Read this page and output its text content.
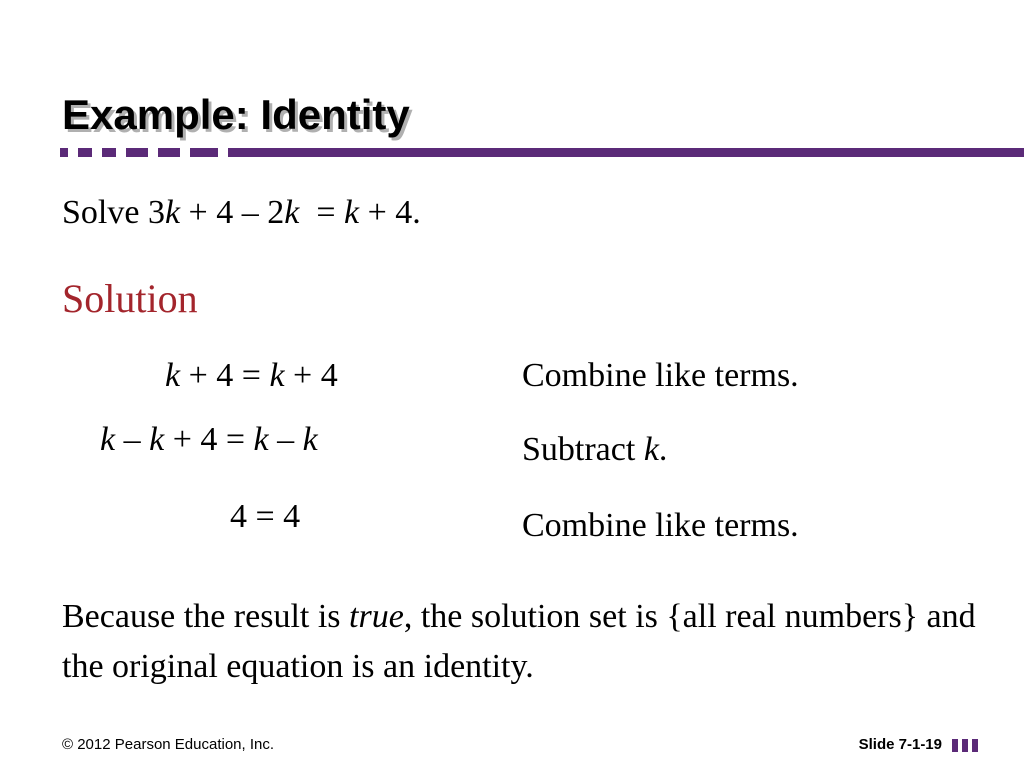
Example: Identity
Solve 3k + 4 – 2k  = k + 4.
Solution
k + 4 = k + 4	Combine like terms.
k – k + 4 = k – k	Subtract k.
4 = 4	Combine like terms.
Because the result is true, the solution set is {all real numbers} and the original equation is an identity.
© 2012 Pearson Education, Inc.	Slide 7-1-19
